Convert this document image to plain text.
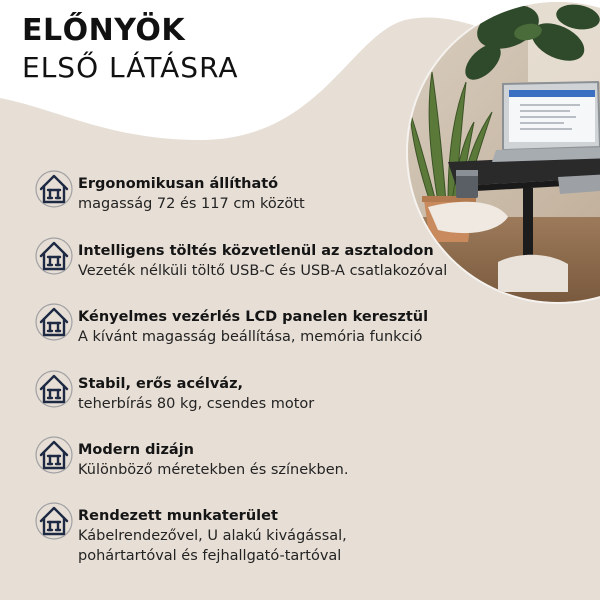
ELŐNYÖK
ELSŐ LÁTÁSRA
Ergonomikusan állítható
magasság 72 és 117 cm között
Intelligens töltés közvetlenül az asztalodon
Vezeték nélküli töltő USB-C és USB-A csatlakozóval
Kényelmes vezérlés LCD panelen keresztül
A kívánt magasság beállítása, memória funkció
Stabil, erős acélváz,
teherbírás 80 kg, csendes motor
Modern dizájn
Különböző méretekben és színekben.
Rendezett munkaterület
Kábelrendezővel, U alakú kivágással,
pohártartóval és fejhallgató-tartóval
